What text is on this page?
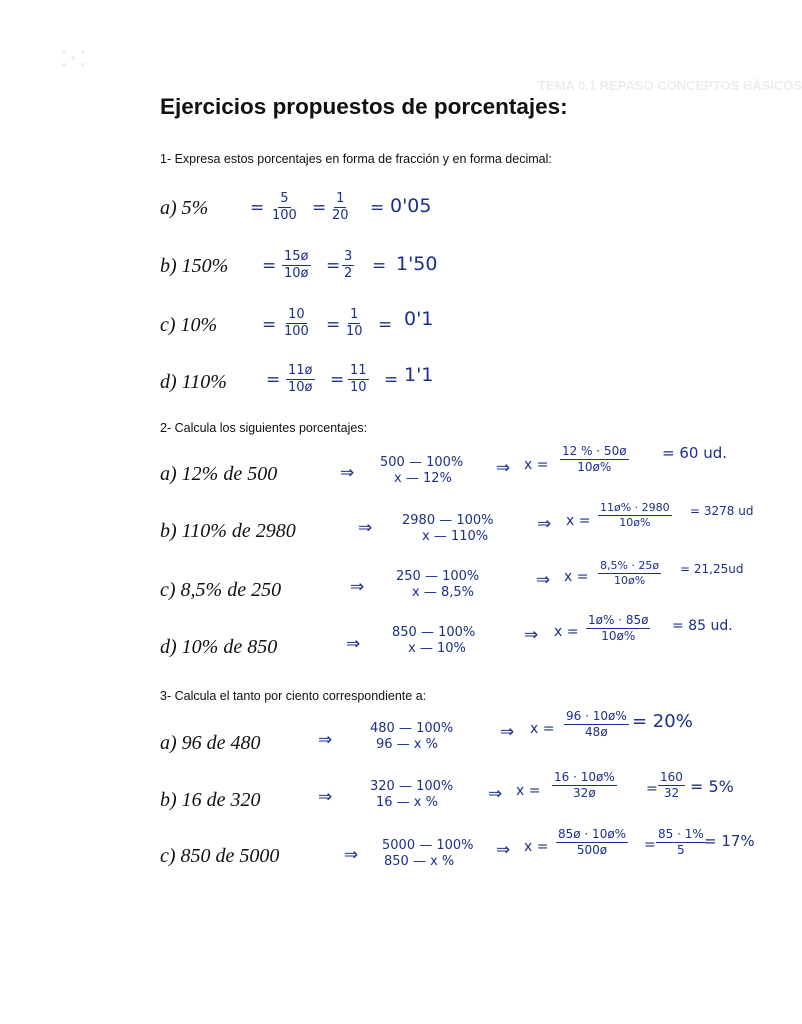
TEMA 0.1 REPASO CONCEPTOS BÁSICOS
:·:
Ejercicios propuestos de porcentajes:
1- Expresa estos porcentajes en forma de fracción y en forma decimal:
a) $5\% = \frac{5}{100} = \frac{1}{20} = 0'05$
b) $150\% = \frac{15ø}{10ø} = \frac{3}{2} = 1'50$
c) 10%	= $\frac{10}{100} = \frac{1}{10} = 0'1$
d) $110\% = \frac{11ø}{10ø} = \frac{11}{10} = 1'1$
2- Calcula los siguientes porcentajes:
a) 12% de 500	⇒
500 — 100%
x — 12%
⇒ $x = \frac{12 \% \cdot 50ø}{10ø\%} = 60$ ud.
b) 110% de 2980	⇒ 2980 — 100%
x — 110%
⇒ $x = \frac{11ø\% \cdot 2980}{10ø\%} = 3278$ ud
c) 8,5% de 250	⇒
250 — 100%
x — 8,5%
⇒ $x = \frac{8,5\% \cdot 25ø}{10ø\%} = 21,25ud$
d) 10% de 850	⇒
850 — 100%
x — 10%
⇒ $x = \frac{1ø\% \cdot 85ø}{10ø\%} = 85$ ud.
3- Calcula el tanto por ciento correspondiente a:
a) 96 de 480	⇒
480 — 100%
96 — x %
⇒ $x = \frac{96 \cdot 10ø\%}{48ø} = 20\%$
b) 16 de 320	⇒
320 — 100%
16 — x %	⇒ $x = \frac{16 \cdot 10ø\%}{32ø} = \frac{160}{32} = 5\%$
c) 850 de 5000	⇒ 5000 — 100%
850 — x %
⇒ $x = \frac{85ø \cdot 10ø\%}{500ø} = \frac{85 \cdot 1\%}{5}$
= 17%
